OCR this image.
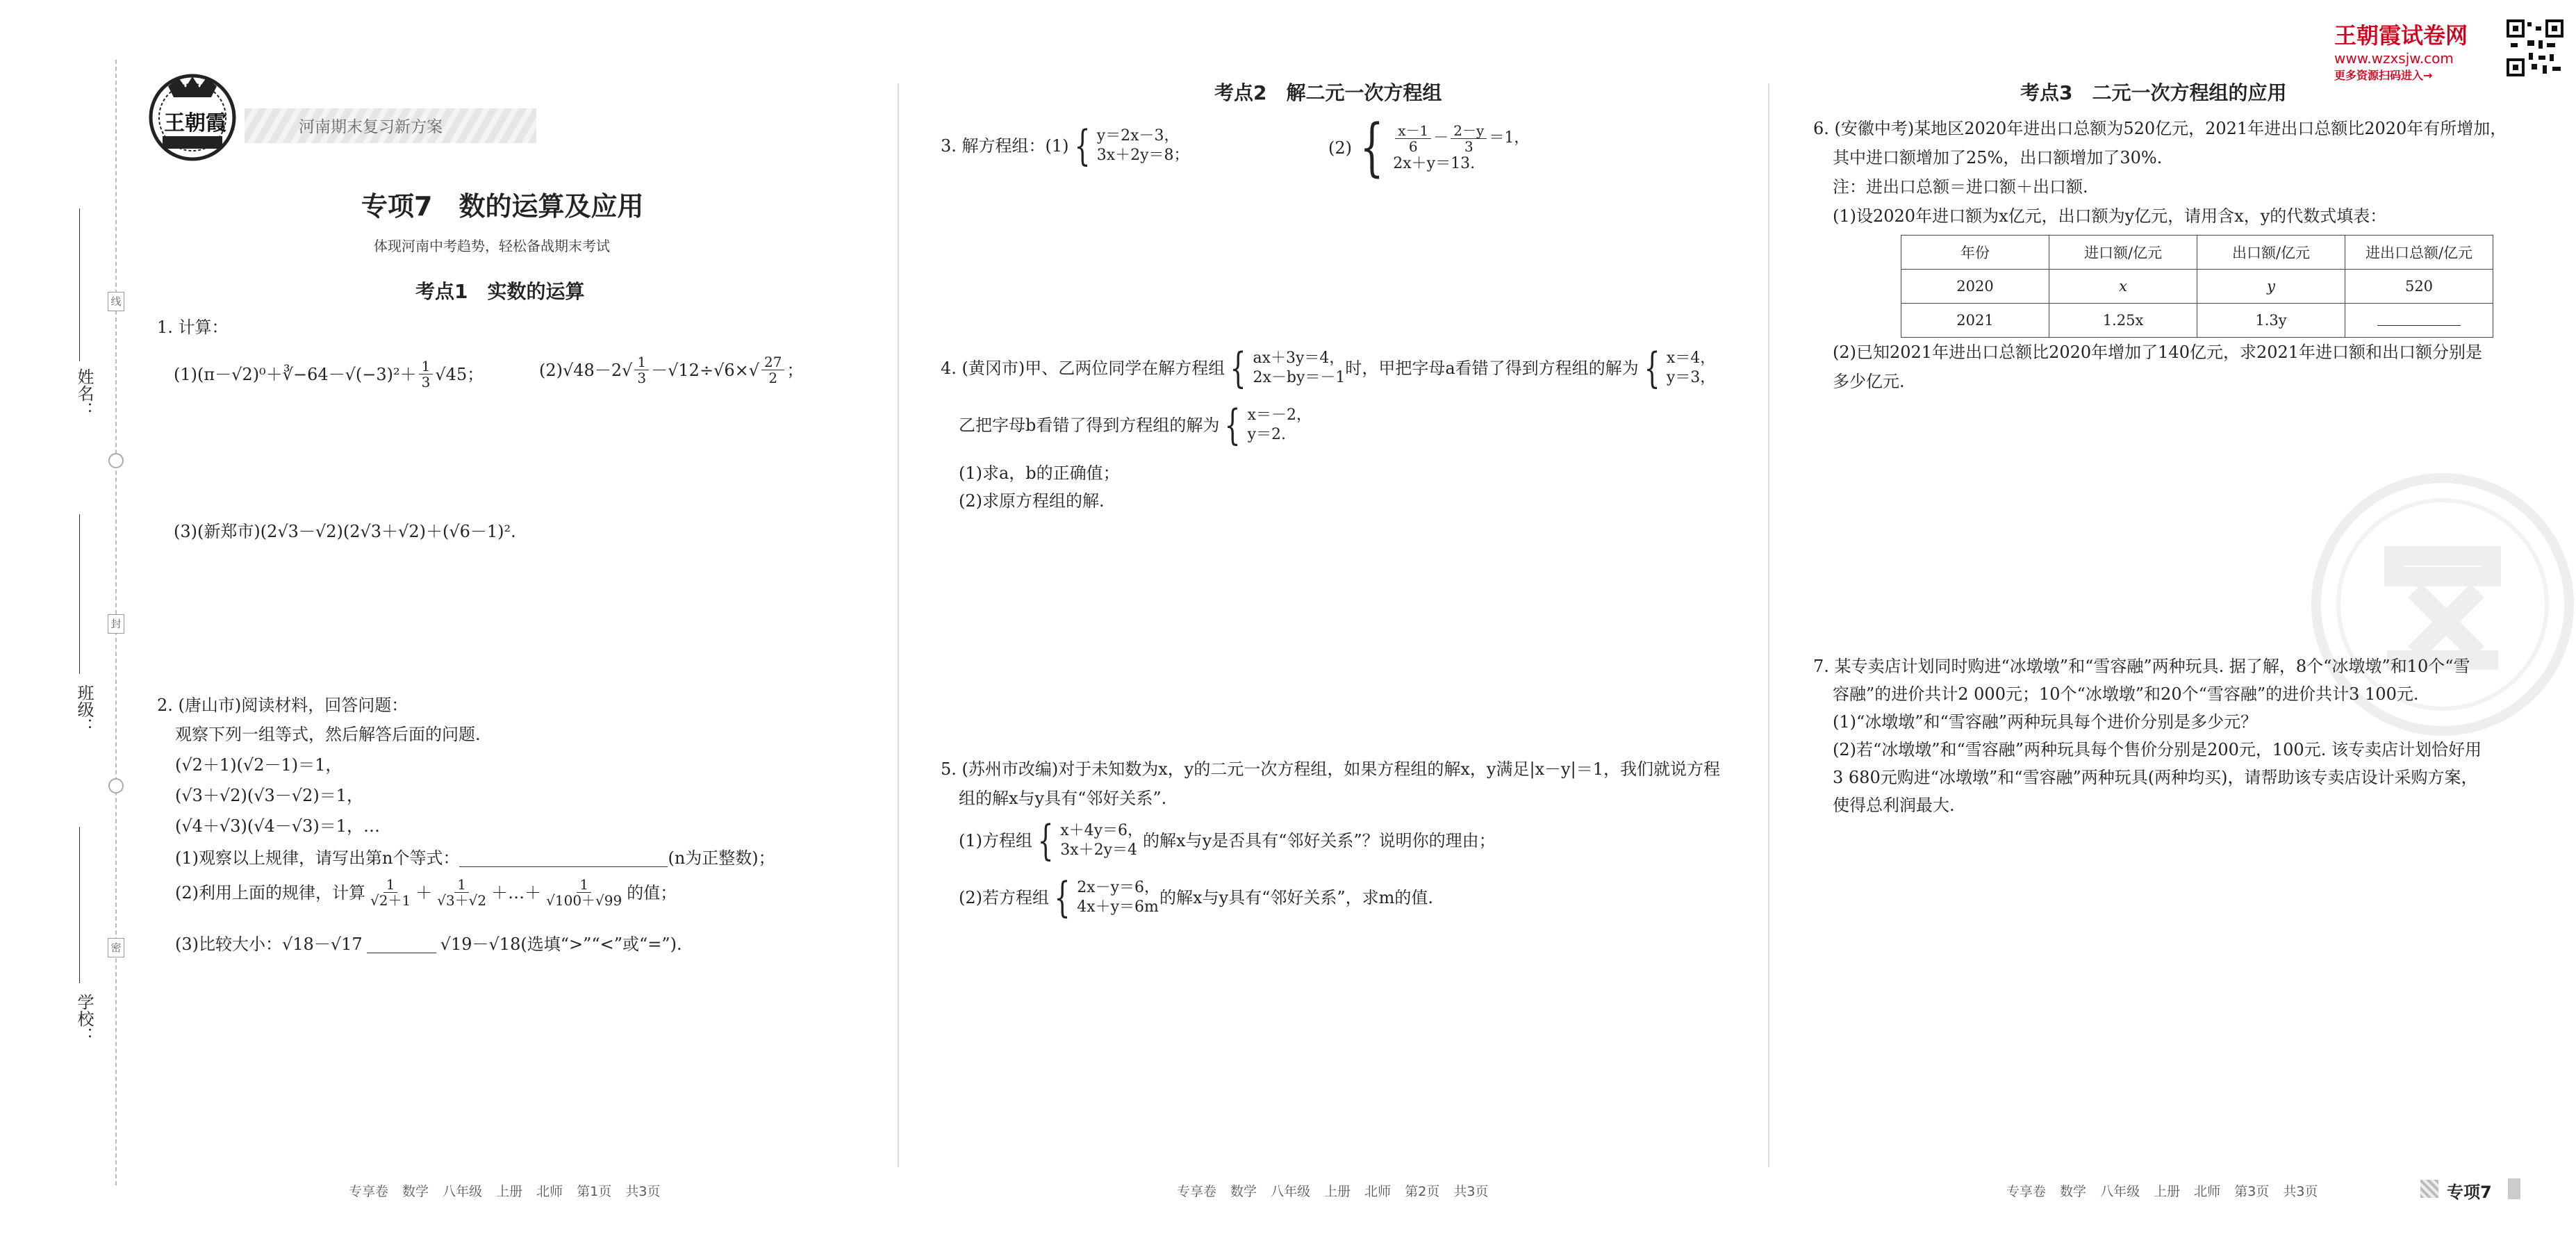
线
封
密
姓名：
班级：
学校：
王朝霞	河南期末复习新方案
专项7　数的运算及应用
体现河南中考趋势，轻松备战期末考试
考点1　实数的运算
1. 计算：
(1)(π－√2)⁰＋∛−64－√(−3)²＋ $\frac{1}{3} √45$；	$(2)√48-2√ \frac{1}{3} -√12\div√6\times√ \frac{27}{2}$ ；
(3)(新郑市)(2√3－√2)(2√3＋√2)＋(√6－1)².
2. (唐山市)阅读材料，回答问题：
观察下列一组等式，然后解答后面的问题.
(√2＋1)(√2－1)＝1，
(√3＋√2)(√3－√2)＝1，
(√4＋√3)(√4－√3)＝1，…
(1)观察以上规律，请写出第n个等式：	(n为正整数)；
(2)利用上面的规律，计算 $\frac{1}{√2+1} + \frac{1}{√3+√2}$ ＋…＋ $\frac{1}{√100+√99}$ 的值；
(3)比较大小：√18－√17	√19－√18(选填“>”“<”或“=”).
专享卷 数学 八年级 上册 北师 第1页 共3页
考点2　解二元一次方程组
3. 解方程组：(1) { y＝2x－3，
3x＋2y＝8；	(2) { $\frac{x-1}{6} - \frac{2-y}{3} =1$，
2x＋y＝13.
4. (黄冈市)甲、乙两位同学在解方程组 { ax＋3y＝4，
2x－by＝－1 时，甲把字母a看错了得到方程组的解为 { x＝4，
y＝3，
乙把字母b看错了得到方程组的解为 { x＝－2，
y＝2.
(1)求a，b的正确值；
(2)求原方程组的解.
5. (苏州市改编)对于未知数为x，y的二元一次方程组，如果方程组的解x，y满足|x－y|＝1，我们就说方程
组的解x与y具有“邻好关系”.
(1)方程组 { x＋4y＝6，
3x＋2y＝4 的解x与y是否具有“邻好关系”？说明你的理由；
(2)若方程组 { 2x－y＝6，
4x＋y＝6m 的解x与y具有“邻好关系”，求m的值.
专享卷 数学 八年级 上册 北师 第2页 共3页
考点3　二元一次方程组的应用
王朝霞试卷网
www.wzxsjw.com
更多资源扫码进入→
6. (安徽中考)某地区2020年进出口总额为520亿元，2021年进出口总额比2020年有所增加，
其中进口额增加了25%，出口额增加了30%.
注：进出口总额＝进口额＋出口额.
(1)设2020年进口额为x亿元，出口额为y亿元，请用含x，y的代数式填表：
年份	进口额/亿元	出口额/亿元	进出口总额/亿元
2020	x	y	520
2021	1.25x	1.3y	
(2)已知2021年进出口总额比2020年增加了140亿元，求2021年进口额和出口额分别是
多少亿元.
7. 某专卖店计划同时购进“冰墩墩”和“雪容融”两种玩具. 据了解，8个“冰墩墩”和10个“雪
容融”的进价共计2 000元；10个“冰墩墩”和20个“雪容融”的进价共计3 100元.
(1)“冰墩墩”和“雪容融”两种玩具每个进价分别是多少元？
(2)若“冰墩墩”和“雪容融”两种玩具每个售价分别是200元，100元. 该专卖店计划恰好用
3 680元购进“冰墩墩”和“雪容融”两种玩具(两种均买)，请帮助该专卖店设计采购方案，
使得总利润最大.
专享卷 数学 八年级 上册 北师 第3页 共3页	专项7
